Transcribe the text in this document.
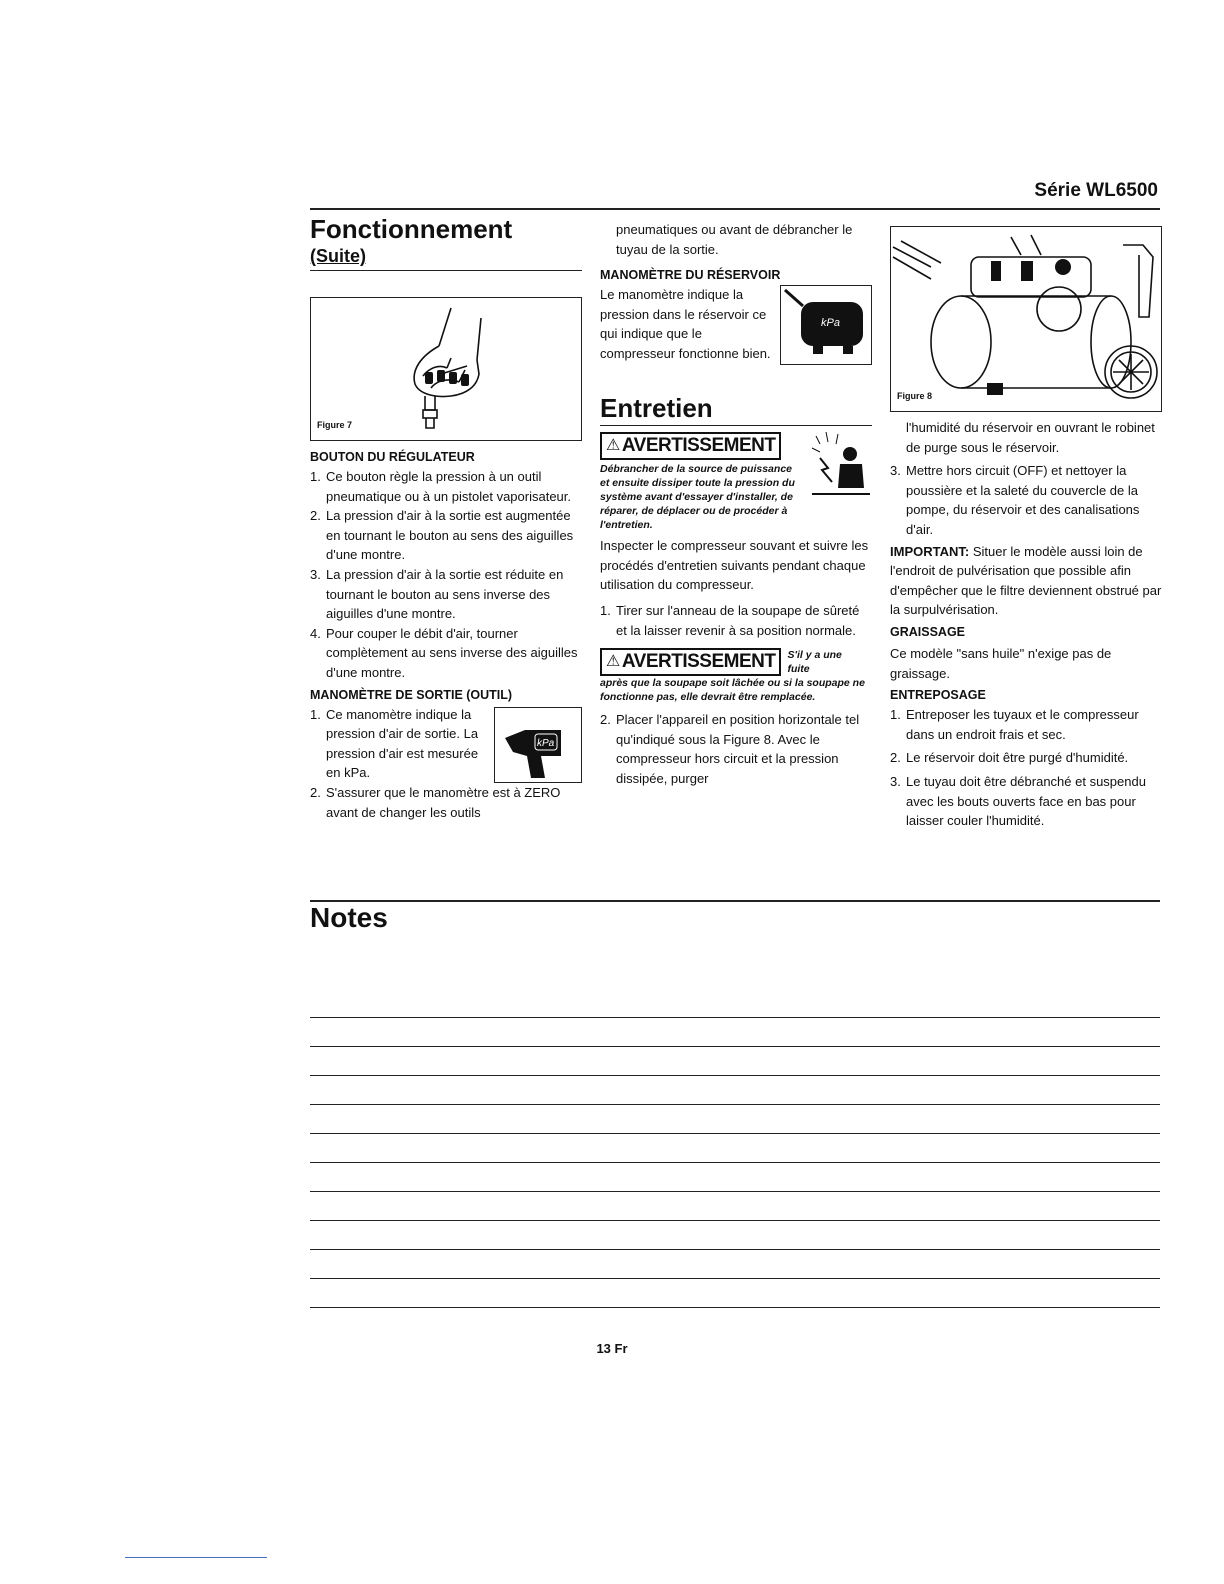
Série WL6500

Fonctionnement

(Suite)

Figure 7

BOUTON DU RÉGULATEUR

1. Ce bouton règle la pression à un outil pneumatique ou à un pistolet vaporisateur.
2. La pression d'air à la sortie est augmentée en tournant le bouton au sens des aiguilles d'une montre.
3. La pression d'air à la sortie est réduite en tournant le bouton au sens inverse des aiguilles d'une montre.
4. Pour couper le débit d'air, tourner complètement au sens inverse des aiguilles d'une montre.

MANOMÈTRE DE SORTIE (OUTIL)

1. Ce manomètre indique la pression d'air de sortie. La pression d'air est mesurée en kPa.
kPa
2. S'assurer que le manomètre est à ZERO avant de changer les outils

pneumatiques ou avant de débrancher le tuyau de la sortie.

MANOMÈTRE DU RÉSERVOIR

Le manomètre indique la pression dans le réservoir ce qui indique que le compresseur fonctionne bien.

kPa

Entretien

⚠ AVERTISSEMENT

Débrancher de la source de puissance et ensuite dissiper toute la pression du système avant d'essayer d'installer, de réparer, de déplacer ou de procéder à l'entretien.

Inspecter le compresseur souvant et suivre les procédés d'entretien suivants pendant chaque utilisation du compresseur.

1. Tirer sur l'anneau de la soupape de sûreté et la laisser revenir à sa position normale.
⚠ AVERTISSEMENT S'il y a une fuite

après que la soupape soit lâchée ou si la soupape ne fonctionne pas, elle devrait être remplacée.

2. Placer l'appareil en position horizontale tel qu'indiqué sous la Figure 8. Avec le compresseur hors circuit et la pression dissipée, purger
Figure 8

l'humidité du réservoir en ouvrant le robinet de purge sous le réservoir.

3. Mettre hors circuit (OFF) et nettoyer la poussière et la saleté du couvercle de la pompe, du réservoir et des canalisations d'air.

IMPORTANT: Situer le modèle aussi loin de l'endroit de pulvérisation que possible afin d'empêcher que le filtre deviennent obstrué par la surpulvérisation.

GRAISSAGE

Ce modèle "sans huile" n'exige pas de graissage.

ENTREPOSAGE

1. Entreposer les tuyaux et le compresseur dans un endroit frais et sec.
2. Le réservoir doit être purgé d'humidité.
3. Le tuyau doit être débranché et suspendu avec les bouts ouverts face en bas pour laisser couler l'humidité.
Notes
13 Fr
